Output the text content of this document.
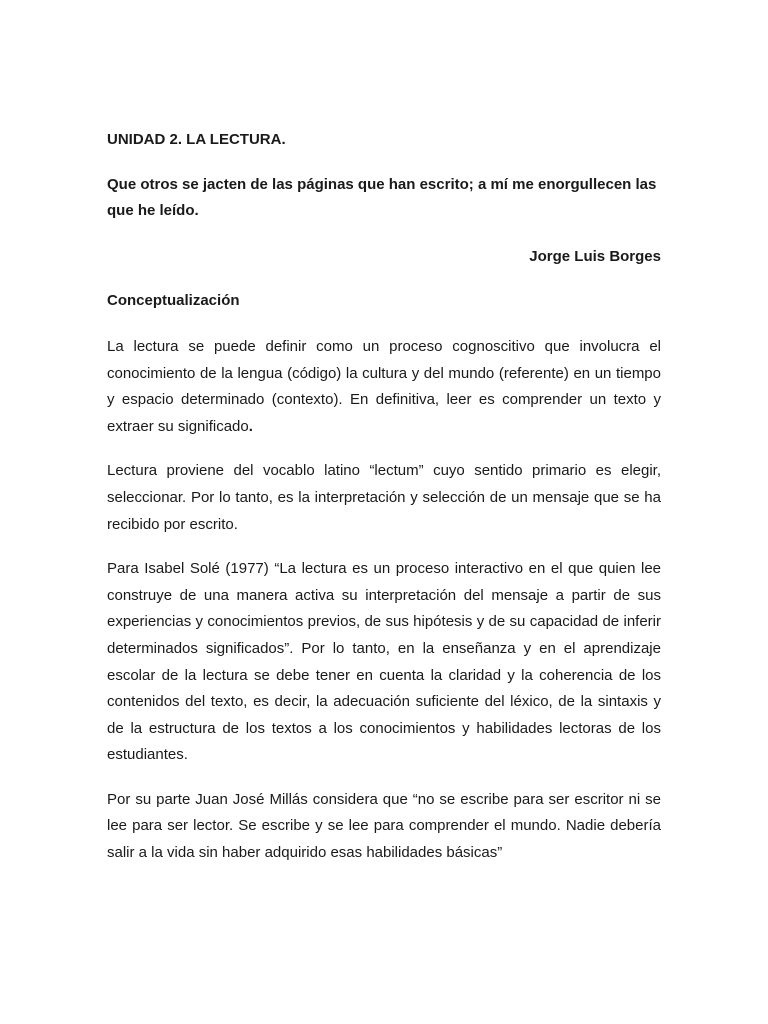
UNIDAD 2. LA LECTURA.

Que otros se jacten de las páginas que han escrito; a mí me enorgullecen las que he leído.

Jorge Luis Borges

Conceptualización

La lectura se puede definir como un proceso cognoscitivo que involucra el conocimiento de la lengua (código) la cultura y del mundo (referente) en un tiempo y espacio determinado (contexto). En definitiva, leer es comprender un texto y extraer su significado.

Lectura proviene del vocablo latino “lectum” cuyo sentido primario es elegir, seleccionar. Por lo tanto, es la interpretación y selección de un mensaje que se ha recibido por escrito.

Para Isabel Solé (1977) “La lectura es un proceso interactivo en el que quien lee construye de una manera activa su interpretación del mensaje a partir de sus experiencias y conocimientos previos, de sus hipótesis y de su capacidad de inferir determinados significados”. Por lo tanto, en la enseñanza y en el aprendizaje escolar de la lectura se debe tener en cuenta la claridad y la coherencia de los contenidos del texto, es decir, la adecuación suficiente del léxico, de la sintaxis y de la estructura de los textos a los conocimientos y habilidades lectoras de los estudiantes.

Por su parte Juan José Millás considera que “no se escribe para ser escritor ni se lee para ser lector. Se escribe y se lee para comprender el mundo. Nadie debería salir a la vida sin haber adquirido esas habilidades básicas”
